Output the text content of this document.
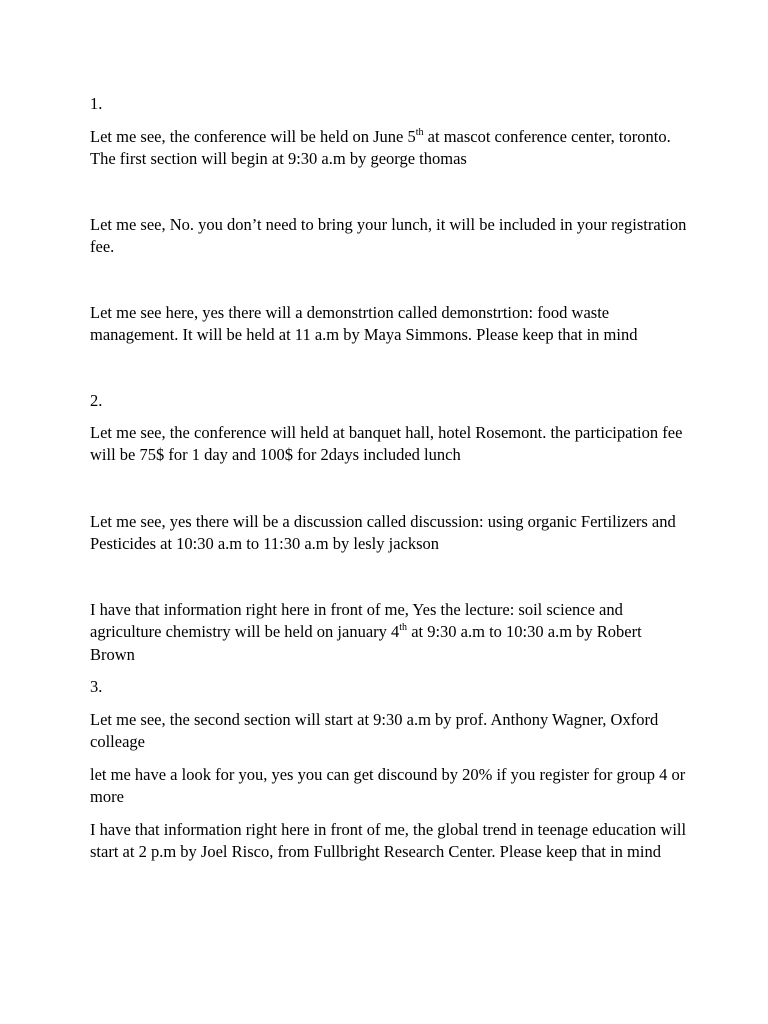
1.

Let me see, the conference will be held on June 5th at mascot conference center, toronto. The first section will begin at 9:30 a.m by george thomas

Let me see, No. you don’t need to bring your lunch, it will be included in your registration fee.

Let me see here, yes there will a demonstrtion called demonstrtion: food waste management. It will be held at 11 a.m by Maya Simmons. Please keep that in mind

2.

Let me see, the conference will held at banquet hall, hotel Rosemont. the participation fee will be 75$ for 1 day and 100$ for 2days included lunch

Let me see, yes there will be a discussion called discussion: using organic Fertilizers and Pesticides at 10:30 a.m to 11:30 a.m by lesly jackson

I have that information right here in front of me, Yes the lecture: soil science and agriculture chemistry will be held on january 4th at 9:30 a.m to 10:30 a.m by Robert Brown

3.

Let me see, the second section will start at 9:30 a.m by prof. Anthony Wagner, Oxford colleage

let me have a look for you, yes you can get discound by 20% if you register for group 4 or more

I have that information right here in front of me, the global trend in teenage education will start at 2 p.m by Joel Risco, from Fullbright Research Center. Please keep that in mind
